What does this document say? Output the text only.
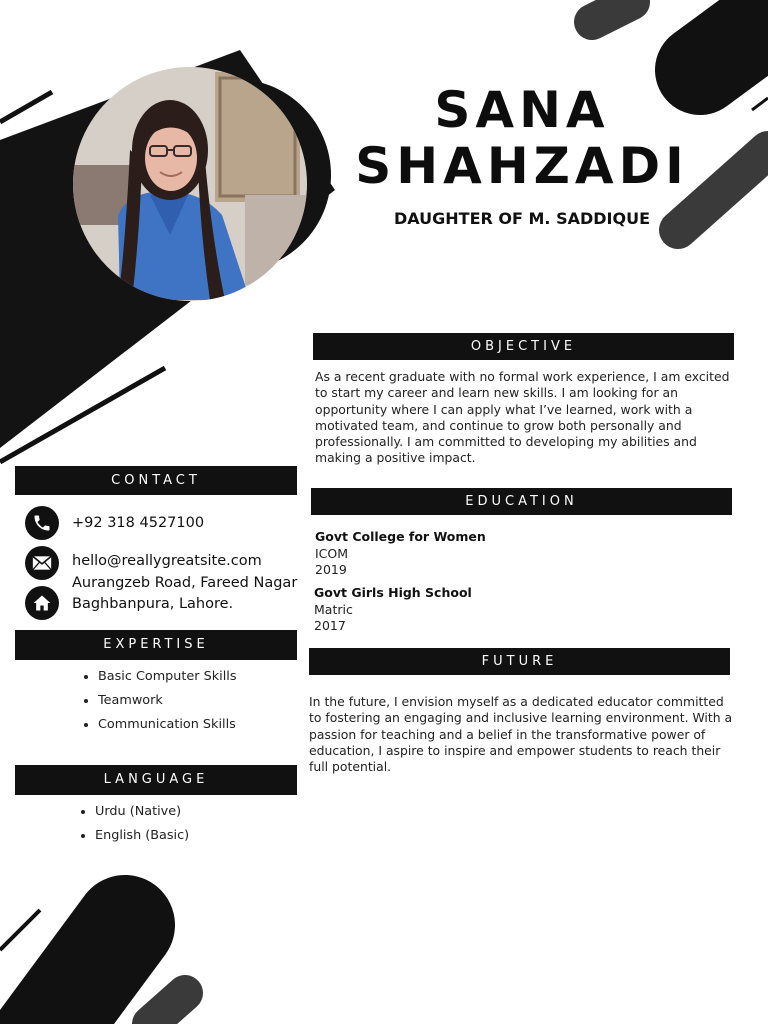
SANA
SHAHZADI
DAUGHTER OF M. SADDIQUE
OBJECTIVE

As a recent graduate with no formal work experience, I am excited to start my career and learn new skills. I am looking for an opportunity where I can apply what I’ve learned, work with a motivated team, and continue to grow both personally and professionally. I am committed to developing my abilities and making a positive impact.

EDUCATION
Govt College for Women
ICOM
2019
Govt Girls High School
Matric
2017
FUTURE

In the future, I envision myself as a dedicated educator committed to fostering an engaging and inclusive learning environment. With a passion for teaching and a belief in the transformative power of education, I aspire to inspire and empower students to reach their full potential.

CONTACT
+92 318 4527100
hello@reallygreatsite.com
Aurangzeb Road, Fareed Nagar Baghbanpura, Lahore.
EXPERTISE
• Basic Computer Skills
• Teamwork
• Communication Skills
LANGUAGE
• Urdu (Native)
• English (Basic)
